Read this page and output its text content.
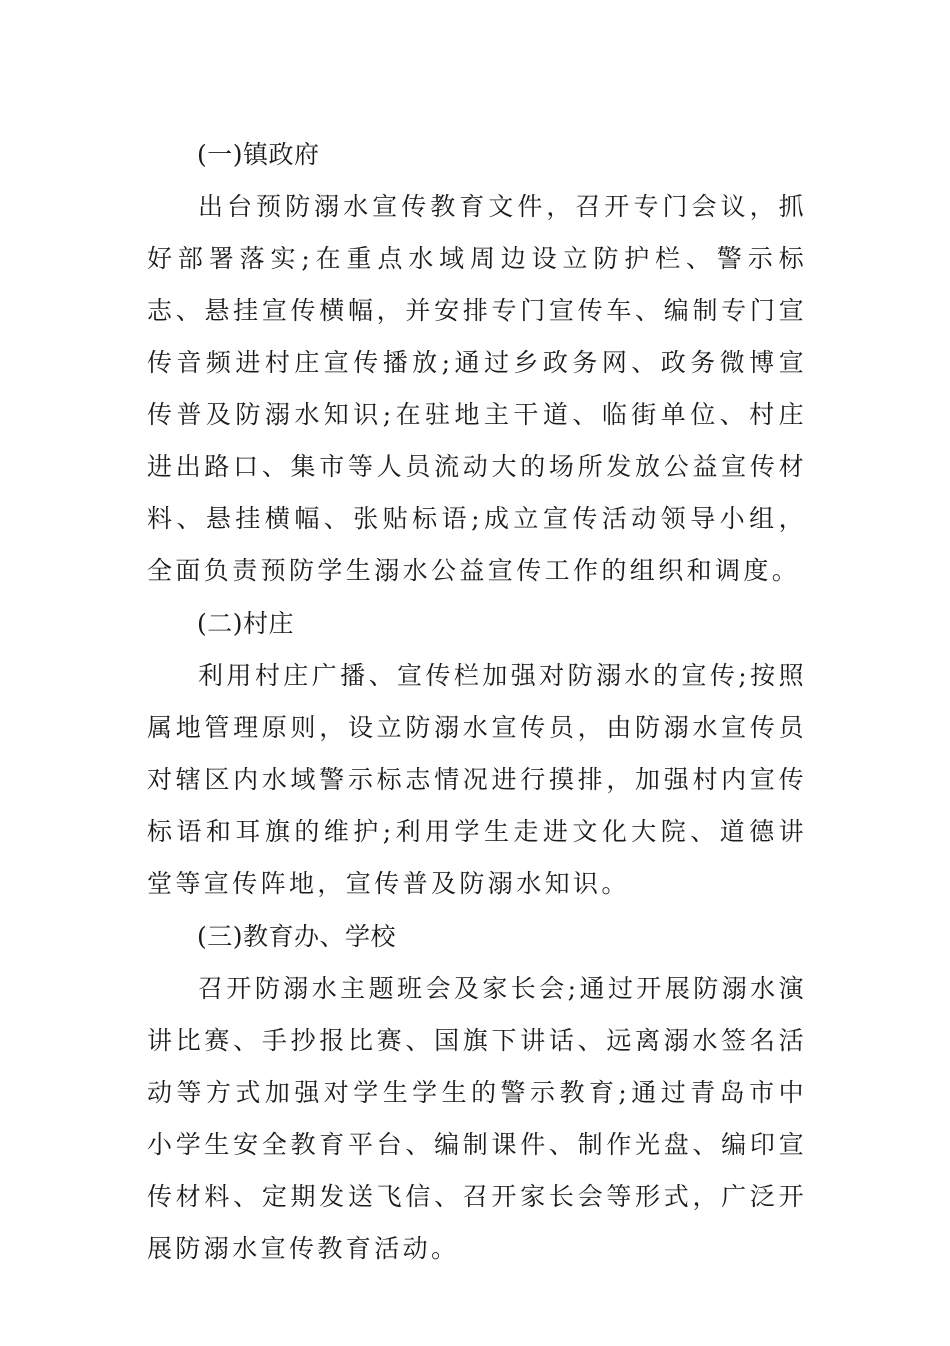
(一)镇政府

出台预防溺水宣传教育文件，召开专门会议，抓好部署落实;在重点水域周边设立防护栏、警示标志、悬挂宣传横幅，并安排专门宣传车、编制专门宣传音频进村庄宣传播放;通过乡政务网、政务微博宣传普及防溺水知识;在驻地主干道、临街单位、村庄进出路口、集市等人员流动大的场所发放公益宣传材料、悬挂横幅、张贴标语;成立宣传活动领导小组，全面负责预防学生溺水公益宣传工作的组织和调度。

(二)村庄

利用村庄广播、宣传栏加强对防溺水的宣传;按照属地管理原则，设立防溺水宣传员，由防溺水宣传员对辖区内水域警示标志情况进行摸排，加强村内宣传标语和耳旗的维护;利用学生走进文化大院、道德讲堂等宣传阵地，宣传普及防溺水知识。

(三)教育办、学校

召开防溺水主题班会及家长会;通过开展防溺水演讲比赛、手抄报比赛、国旗下讲话、远离溺水签名活动等方式加强对学生学生的警示教育;通过青岛市中小学生安全教育平台、编制课件、制作光盘、编印宣传材料、定期发送飞信、召开家长会等形式，广泛开展防溺水宣传教育活动。
